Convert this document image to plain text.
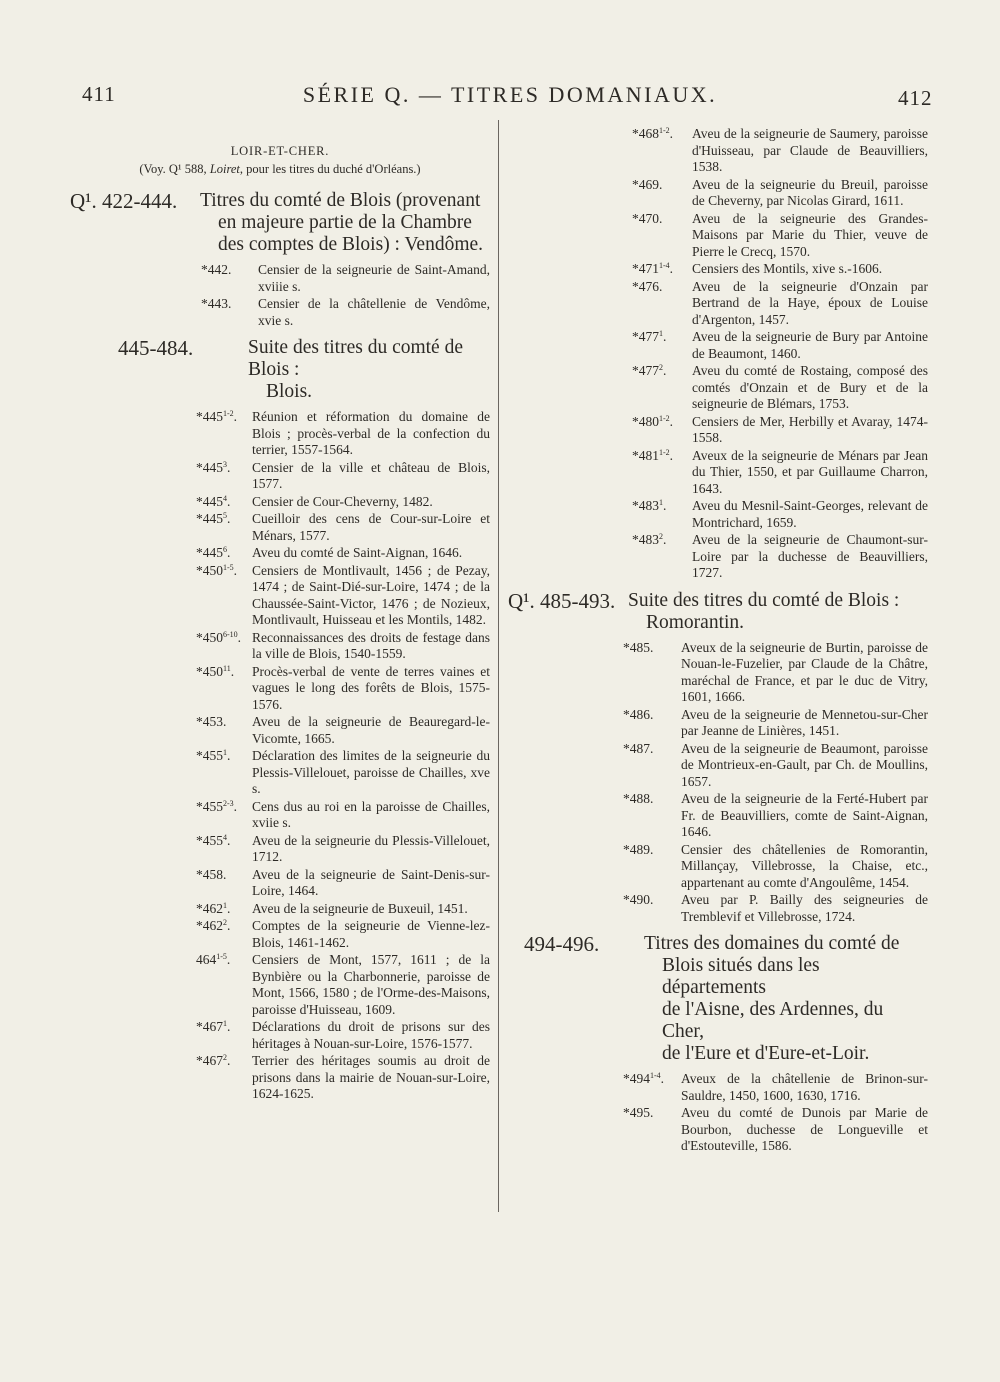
411	SÉRIE Q. — TITRES DOMANIAUX.	412

LOIR-ET-CHER.

(Voy. Q¹ 588, Loiret, pour les titres du duché d'Orléans.)

Q¹. 422-444.	Titres du comté de Blois (provenant
en majeure partie de la Chambre
des comptes de Blois) : Vendôme.
*442.	Censier de la seigneurie de Saint-Amand, xviiie s.
*443.	Censier de la châtellenie de Vendôme, xvie s.
445-484.	Suite des titres du comté de Blois :
Blois.
*445$^{1-2}$.	Réunion et réformation du domaine de Blois ; procès-verbal de la confection du terrier, 1557-1564.
$*445^3$.	Censier de la ville et château de Blois, 1577.
$*445^4$.	Censier de Cour-Cheverny, 1482.
$*445^5$.	Cueilloir des cens de Cour-sur-Loire et Ménars, 1577.
$*445^6$.	Aveu du comté de Saint-Aignan, 1646.
*450$^{1-5}$.	Censiers de Montlivault, 1456 ; de Pezay, 1474 ; de Saint-Dié-sur-Loire, 1474 ; de la Chaussée-Saint-Victor, 1476 ; de Nozieux, Montlivault, Huisseau et les Montils, 1482.
*450$^{6-10}$. Reconnaissances des droits de festage dans la ville de Blois, 1540-1559.
$*450^{11}$.	Procès-verbal de vente de terres vaines et vagues le long des forêts de Blois, 1575-1576.
*453.	Aveu de la seigneurie de Beauregard-le-Vicomte, 1665.
$*455^1$.	Déclaration des limites de la seigneurie du Plessis-Villelouet, paroisse de Chailles, xve s.
*455$^{2-3}$.	Cens dus au roi en la paroisse de Chailles, xviie s.
$*455^4$.	Aveu de la seigneurie du Plessis-Villelouet, 1712.
*458.	Aveu de la seigneurie de Saint-Denis-sur-Loire, 1464.
$*462^1$.	Aveu de la seigneurie de Buxeuil, 1451.
$*462^2$.	Comptes de la seigneurie de Vienne-lez-Blois, 1461-1462.
464$^{1-5}$.	Censiers de Mont, 1577, 1611 ; de la Bynbière ou la Charbonnerie, paroisse de Mont, 1566, 1580 ; de l'Orme-des-Maisons, paroisse d'Huisseau, 1609.
$*467^1$.	Déclarations du droit de prisons sur des héritages à Nouan-sur-Loire, 1576-1577.
$*467^2$.	Terrier des héritages soumis au droit de prisons dans la mairie de Nouan-sur-Loire, 1624-1625.
*468$^{1-2}$.	Aveu de la seigneurie de Saumery, paroisse d'Huisseau, par Claude de Beauvilliers, 1538.
*469.	Aveu de la seigneurie du Breuil, paroisse de Cheverny, par Nicolas Girard, 1611.
*470.	Aveu de la seigneurie des Grandes-Maisons par Marie du Thier, veuve de Pierre le Crecq, 1570.
*471$^{1-4}$.	Censiers des Montils, xive s.-1606.
*476.	Aveu de la seigneurie d'Onzain par Bertrand de la Haye, époux de Louise d'Argenton, 1457.
$*477^1$.	Aveu de la seigneurie de Bury par Antoine de Beaumont, 1460.
$*477^2$.	Aveu du comté de Rostaing, composé des comtés d'Onzain et de Bury et de la seigneurie de Blémars, 1753.
*480$^{1-2}$.	Censiers de Mer, Herbilly et Avaray, 1474-1558.
*481$^{1-2}$.	Aveux de la seigneurie de Ménars par Jean du Thier, 1550, et par Guillaume Charron, 1643.
$*483^1$.	Aveu du Mesnil-Saint-Georges, relevant de Montrichard, 1659.
$*483^2$.	Aveu de la seigneurie de Chaumont-sur-Loire par la duchesse de Beauvilliers, 1727.
Q¹. 485-493. Suite des titres du comté de Blois :
Romorantin.
*485.	Aveux de la seigneurie de Burtin, paroisse de Nouan-le-Fuzelier, par Claude de la Châtre, maréchal de France, et par le duc de Vitry, 1601, 1666.
*486.	Aveu de la seigneurie de Mennetou-sur-Cher par Jeanne de Linières, 1451.
*487.	Aveu de la seigneurie de Beaumont, paroisse de Montrieux-en-Gault, par Ch. de Moullins, 1657.
*488.	Aveu de la seigneurie de la Ferté-Hubert par Fr. de Beauvilliers, comte de Saint-Aignan, 1646.
*489.	Censier des châtellenies de Romorantin, Millançay, Villebrosse, la Chaise, etc., appartenant au comte d'Angoulême, 1454.
*490.	Aveu par P. Bailly des seigneuries de Tremblevif et Villebrosse, 1724.
494-496.	Titres des domaines du comté de
Blois situés dans les départements
de l'Aisne, des Ardennes, du Cher,
de l'Eure et d'Eure-et-Loir.
*494$^{1-4}$.	Aveux de la châtellenie de Brinon-sur-Sauldre, 1450, 1600, 1630, 1716.
*495.	Aveu du comté de Dunois par Marie de Bourbon, duchesse de Longueville et d'Estouteville, 1586.
